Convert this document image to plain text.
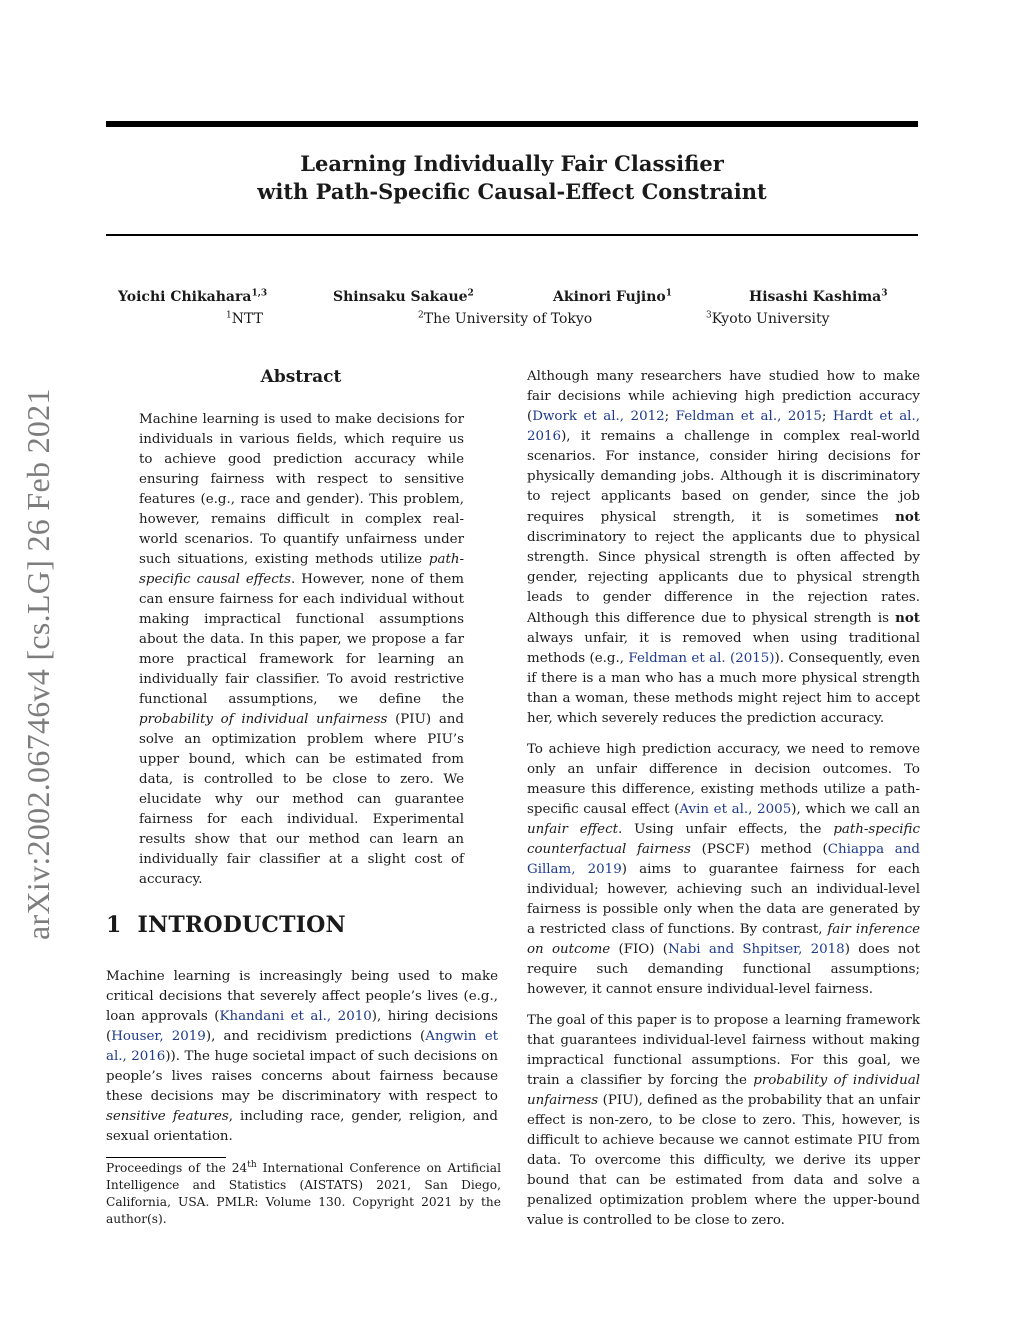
Learning Individually Fair Classifier
with Path-Specific Causal-Effect Constraint
Yoichi Chikahara$^{1,3}$	Shinsaku Sakaue$^2$	Akinori Fujino$^1$	Hisashi Kashima$^3$
$^1$NTT	$^2$The University of Tokyo	$^3$Kyoto University
arXiv:2002.06746v4 [cs.LG] 26 Feb 2021
Abstract
Machine learning is used to make decisions for individuals in various fields, which require us to achieve good prediction accuracy while ensuring fairness with respect to sensitive features (e.g., race and gender). This problem, however, remains difficult in complex real-world scenarios. To quantify unfairness under such situations, existing methods utilize path-specific causal effects. However, none of them can ensure fairness for each individual without making impractical functional assumptions about the data. In this paper, we propose a far more practical framework for learning an individually fair classifier. To avoid restrictive functional assumptions, we define the probability of individual unfairness (PIU) and solve an optimization problem where PIU’s upper bound, which can be estimated from data, is controlled to be close to zero. We elucidate why our method can guarantee fairness for each individual. Experimental results show that our method can learn an individually fair classifier at a slight cost of accuracy.
1 INTRODUCTION
Machine learning is increasingly being used to make critical decisions that severely affect people’s lives (e.g., loan approvals (Khandani et al., 2010), hiring decisions (Houser, 2019), and recidivism predictions (Angwin et al., 2016)). The huge societal impact of such decisions on people’s lives raises concerns about fairness because these decisions may be discriminatory with respect to sensitive features, including race, gender, religion, and sexual orientation.
Proceedings of the 24th International Conference on Artificial Intelligence and Statistics (AISTATS) 2021, San Diego, California, USA. PMLR: Volume 130. Copyright 2021 by the author(s).

Although many researchers have studied how to make fair decisions while achieving high prediction accuracy (Dwork et al., 2012; Feldman et al., 2015; Hardt et al., 2016), it remains a challenge in complex real-world scenarios. For instance, consider hiring decisions for physically demanding jobs. Although it is discriminatory to reject applicants based on gender, since the job requires physical strength, it is sometimes not discriminatory to reject the applicants due to physical strength. Since physical strength is often affected by gender, rejecting applicants due to physical strength leads to gender difference in the rejection rates. Although this difference due to physical strength is not always unfair, it is removed when using traditional methods (e.g., Feldman et al. (2015)). Consequently, even if there is a man who has a much more physical strength than a woman, these methods might reject him to accept her, which severely reduces the prediction accuracy.

To achieve high prediction accuracy, we need to remove only an unfair difference in decision outcomes. To measure this difference, existing methods utilize a path-specific causal effect (Avin et al., 2005), which we call an unfair effect. Using unfair effects, the path-specific counterfactual fairness (PSCF) method (Chiappa and Gillam, 2019) aims to guarantee fairness for each individual; however, achieving such an individual-level fairness is possible only when the data are generated by a restricted class of functions. By contrast, fair inference on outcome (FIO) (Nabi and Shpitser, 2018) does not require such demanding functional assumptions; however, it cannot ensure individual-level fairness.

The goal of this paper is to propose a learning framework that guarantees individual-level fairness without making impractical functional assumptions. For this goal, we train a classifier by forcing the probability of individual unfairness (PIU), defined as the probability that an unfair effect is non-zero, to be close to zero. This, however, is difficult to achieve because we cannot estimate PIU from data. To overcome this difficulty, we derive its upper bound that can be estimated from data and solve a penalized optimization problem where the upper-bound value is controlled to be close to zero.
